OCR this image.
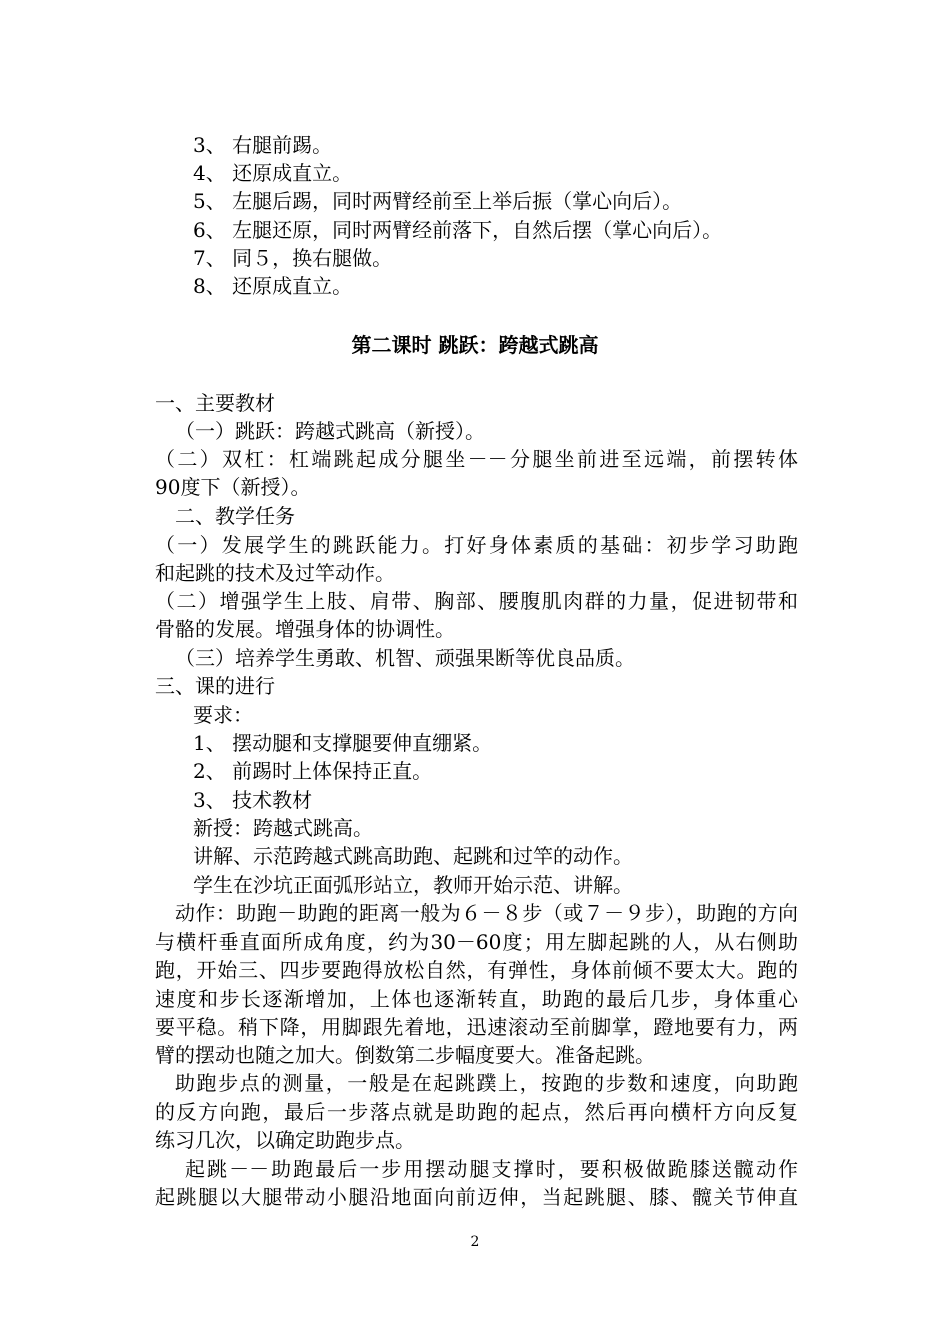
3、 右腿前踢。
4、 还原成直立。
5、 左腿后踢，同时两臂经前至上举后振（掌心向后）。
6、 左腿还原，同时两臂经前落下，自然后摆（掌心向后）。
7、 同５，换右腿做。
8、 还原成直立。
第二课时 跳跃：跨越式跳高
一、主要教材
（一）跳跃：跨越式跳高（新授）。
（二）双杠：杠端跳起成分腿坐－－分腿坐前进至远端，前摆转体
90度下（新授）。
二、教学任务
（一）发展学生的跳跃能力。打好身体素质的基础：初步学习助跑
和起跳的技术及过竿动作。
（二）增强学生上肢、肩带、胸部、腰腹肌肉群的力量，促进韧带和
骨骼的发展。增强身体的协调性。
（三）培养学生勇敢、机智、顽强果断等优良品质。
三、课的进行
要求：
1、 摆动腿和支撑腿要伸直绷紧。
2、 前踢时上体保持正直。
3、 技术教材
新授：跨越式跳高。
讲解、示范跨越式跳高助跑、起跳和过竿的动作。
学生在沙坑正面弧形站立，教师开始示范、讲解。
动作：助跑－助跑的距离一般为６－８步（或７－９步），助跑的方向
与横杆垂直面所成角度，约为30－60度；用左脚起跳的人，从右侧助
跑，开始三、四步要跑得放松自然，有弹性，身体前倾不要太大。跑的
速度和步长逐渐增加，上体也逐渐转直，助跑的最后几步，身体重心
要平稳。稍下降，用脚跟先着地，迅速滚动至前脚掌，蹬地要有力，两
臂的摆动也随之加大。倒数第二步幅度要大。准备起跳。
助跑步点的测量，一般是在起跳蹼上，按跑的步数和速度，向助跑
的反方向跑，最后一步落点就是助跑的起点，然后再向横杆方向反复
练习几次，以确定助跑步点。
起跳－－助跑最后一步用摆动腿支撑时，要积极做跪膝送髋动作
起跳腿以大腿带动小腿沿地面向前迈伸，当起跳腿、膝、髋关节伸直
2
